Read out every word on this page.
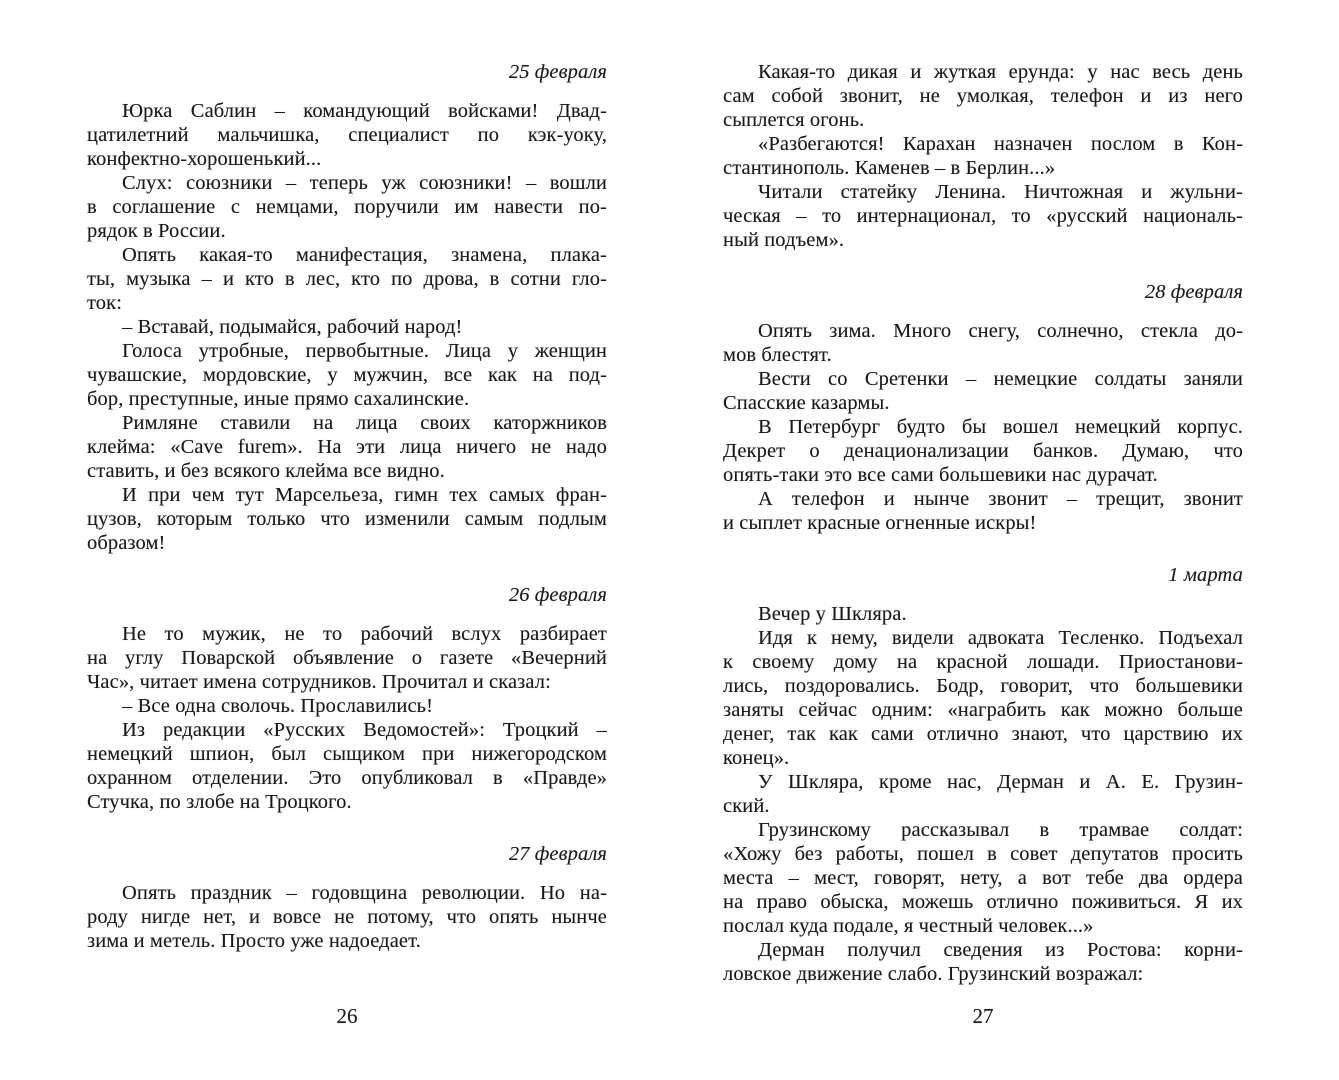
25 февраля
Юрка Саблин – командующий войсками! Двад-
цатилетний мальчишка, специалист по кэк-уоку,
конфектно-хорошенький...
Слух: союзники – теперь уж союзники! – вошли
в соглашение с немцами, поручили им навести по-
рядок в России.
Опять какая-то манифестация, знамена, плака-
ты, музыка – и кто в лес, кто по дрова, в сотни гло-
ток:
– Вставай, подымайся, рабочий народ!
Голоса утробные, первобытные. Лица у женщин
чувашские, мордовские, у мужчин, все как на под-
бор, преступные, иные прямо сахалинские.
Римляне ставили на лица своих каторжников
клейма: «Cave furem». На эти лица ничего не надо
ставить, и без всякого клейма все видно.
И при чем тут Марсельеза, гимн тех самых фран-
цузов, которым только что изменили самым подлым
образом!
26 февраля
Не то мужик, не то рабочий вслух разбирает
на углу Поварской объявление о газете «Вечерний
Час», читает имена сотрудников. Прочитал и сказал:
– Все одна сволочь. Прославились!
Из редакции «Русских Ведомостей»: Троцкий –
немецкий шпион, был сыщиком при нижегородском
охранном отделении. Это опубликовал в «Правде»
Стучка, по злобе на Троцкого.
27 февраля
Опять праздник – годовщина революции. Но на-
роду нигде нет, и вовсе не потому, что опять нынче
зима и метель. Просто уже надоедает.
26
Какая-то дикая и жуткая ерунда: у нас весь день
сам собой звонит, не умолкая, телефон и из него
сыплется огонь.
«Разбегаются! Карахан назначен послом в Кон-
стантинополь. Каменев – в Берлин...»
Читали статейку Ленина. Ничтожная и жульни-
ческая – то интернационал, то «русский националь-
ный подъем».
28 февраля
Опять зима. Много снегу, солнечно, стекла до-
мов блестят.
Вести со Сретенки – немецкие солдаты заняли
Спасские казармы.
В Петербург будто бы вошел немецкий корпус.
Декрет о денационализации банков. Думаю, что
опять-таки это все сами большевики нас дурачат.
А телефон и нынче звонит – трещит, звонит
и сыплет красные огненные искры!
1 марта
Вечер у Шкляра.
Идя к нему, видели адвоката Тесленко. Подъехал
к своему дому на красной лошади. Приостанови-
лись, поздоровались. Бодр, говорит, что большевики
заняты сейчас одним: «награбить как можно больше
денег, так как сами отлично знают, что царствию их
конец».
У Шкляра, кроме нас, Дерман и А. Е. Грузин-
ский.
Грузинскому рассказывал в трамвае солдат:
«Хожу без работы, пошел в совет депутатов просить
места – мест, говорят, нету, а вот тебе два ордера
на право обыска, можешь отлично поживиться. Я их
послал куда подале, я честный человек...»
Дерман получил сведения из Ростова: корни-
ловское движение слабо. Грузинский возражал:
27
